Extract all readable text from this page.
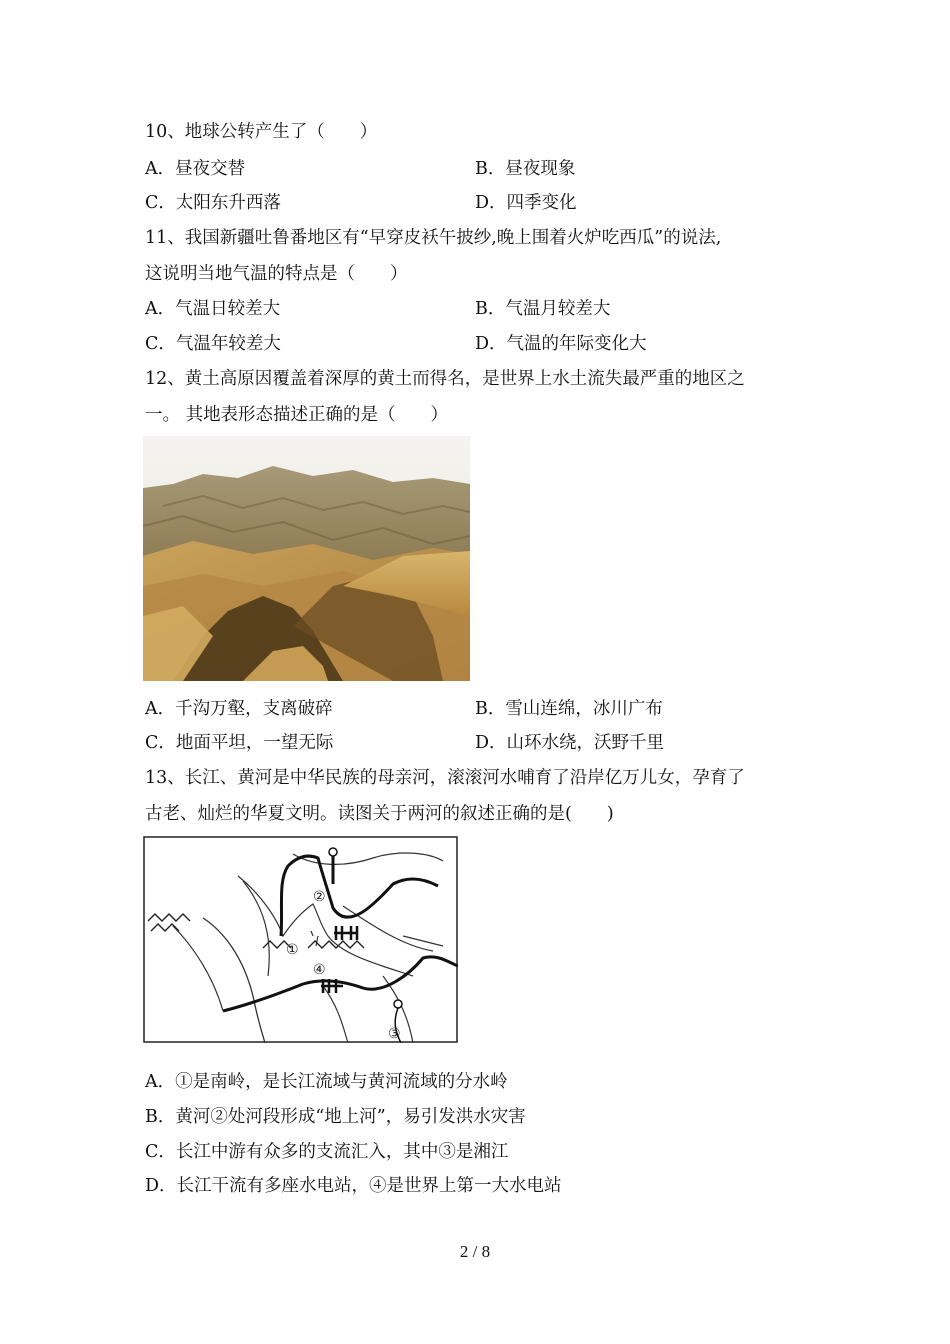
10、地球公转产生了（　　）
A．昼夜交替	B．昼夜现象
C．太阳东升西落	D．四季变化
11、我国新疆吐鲁番地区有“早穿皮袄午披纱,晚上围着火炉吃西瓜”的说法,
这说明当地气温的特点是（　　）
A．气温日较差大	B．气温月较差大
C．气温年较差大	D．气温的年际变化大
12、黄土高原因覆盖着深厚的黄土而得名，是世界上水土流失最严重的地区之
一。 其地表形态描述正确的是（　　）
A．千沟万壑，支离破碎	B．雪山连绵，冰川广布
C．地面平坦，一望无际	D．山环水绕，沃野千里
13、长江、黄河是中华民族的母亲河，滚滚河水哺育了沿岸亿万儿女，孕育了
古老、灿烂的华夏文明。读图关于两河的叙述正确的是(　　)
②
①
④
③
A．①是南岭，是长江流域与黄河流域的分水岭
B．黄河②处河段形成“地上河”，易引发洪水灾害
C．长江中游有众多的支流汇入，其中③是湘江
D．长江干流有多座水电站，④是世界上第一大水电站
2 / 8
